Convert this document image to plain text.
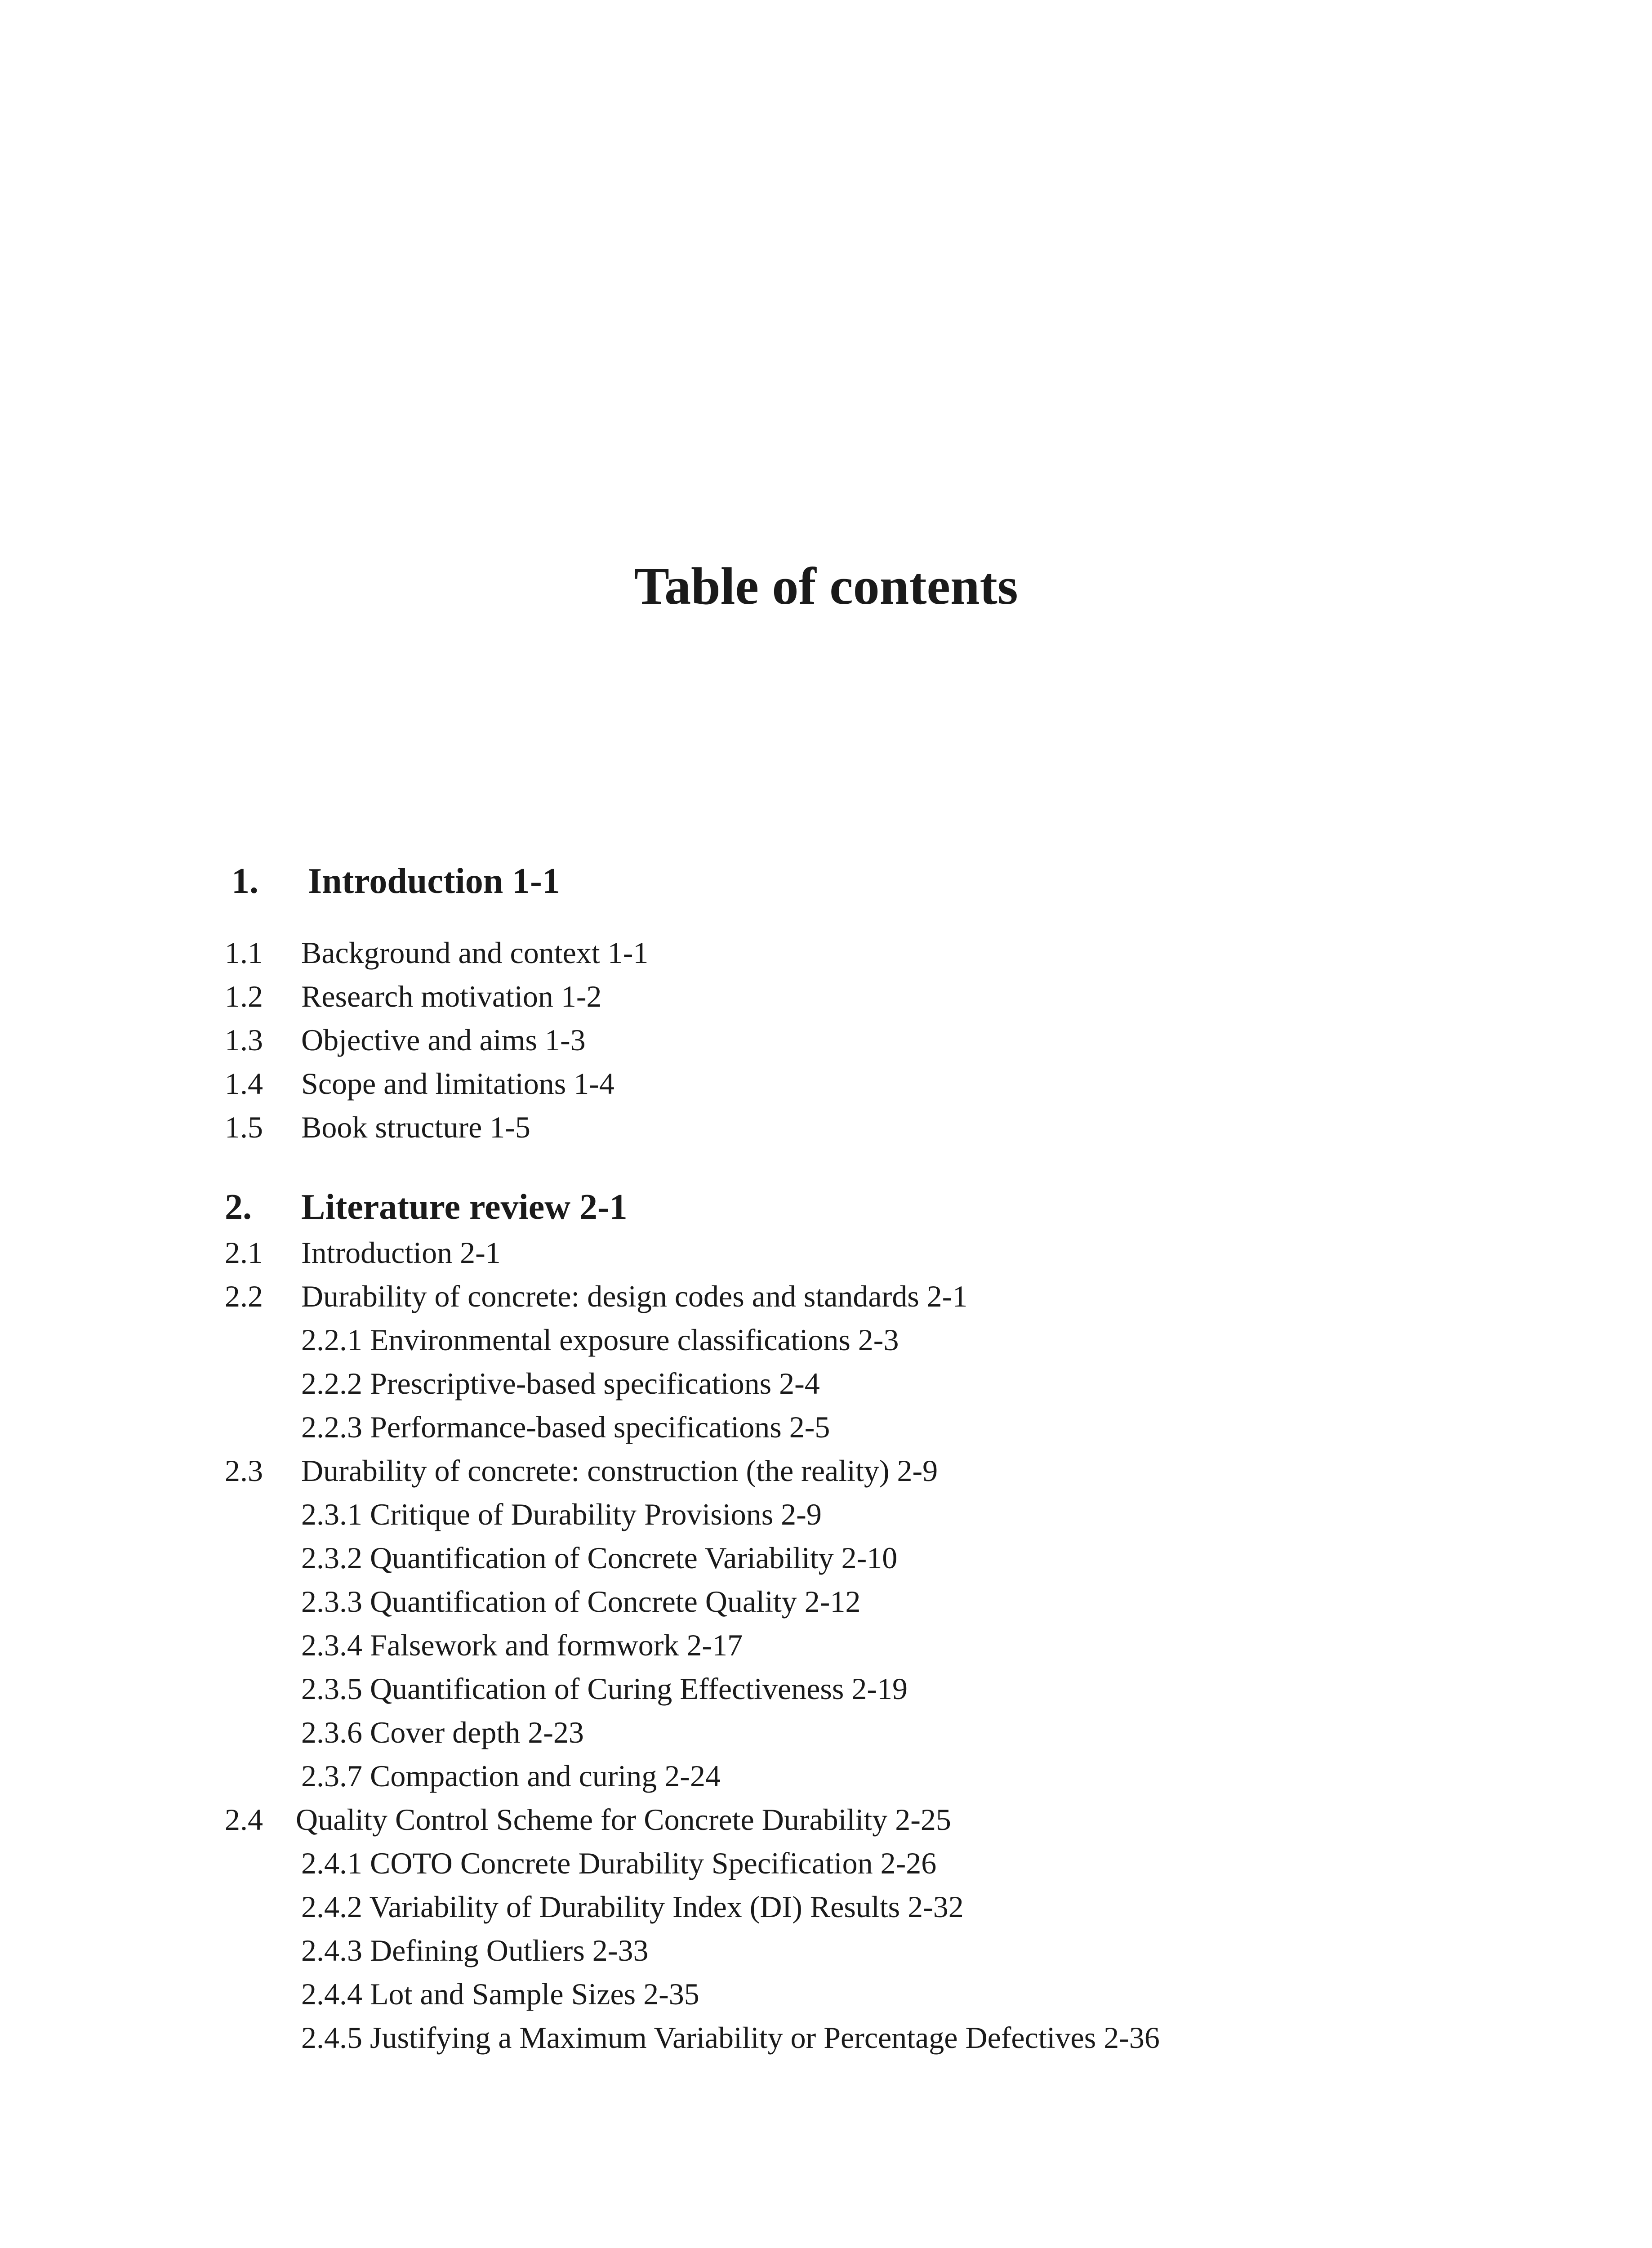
Table of contents
1. Introduction 1-1
1.1 Background and context 1-1
1.2 Research motivation 1-2
1.3 Objective and aims 1-3
1.4 Scope and limitations 1-4
1.5 Book structure 1-5
2. Literature review 2-1
2.1 Introduction 2-1
2.2 Durability of concrete: design codes and standards 2-1
2.2.1 Environmental exposure classifications 2-3
2.2.2 Prescriptive-based specifications 2-4
2.2.3 Performance-based specifications 2-5
2.3 Durability of concrete: construction (the reality) 2-9
2.3.1 Critique of Durability Provisions 2-9
2.3.2 Quantification of Concrete Variability 2-10
2.3.3 Quantification of Concrete Quality 2-12
2.3.4 Falsework and formwork 2-17
2.3.5 Quantification of Curing Effectiveness 2-19
2.3.6 Cover depth 2-23
2.3.7 Compaction and curing 2-24
2.4 Quality Control Scheme for Concrete Durability 2-25
2.4.1 COTO Concrete Durability Specification 2-26
2.4.2 Variability of Durability Index (DI) Results 2-32
2.4.3 Defining Outliers 2-33
2.4.4 Lot and Sample Sizes 2-35
2.4.5 Justifying a Maximum Variability or Percentage Defectives 2-36
